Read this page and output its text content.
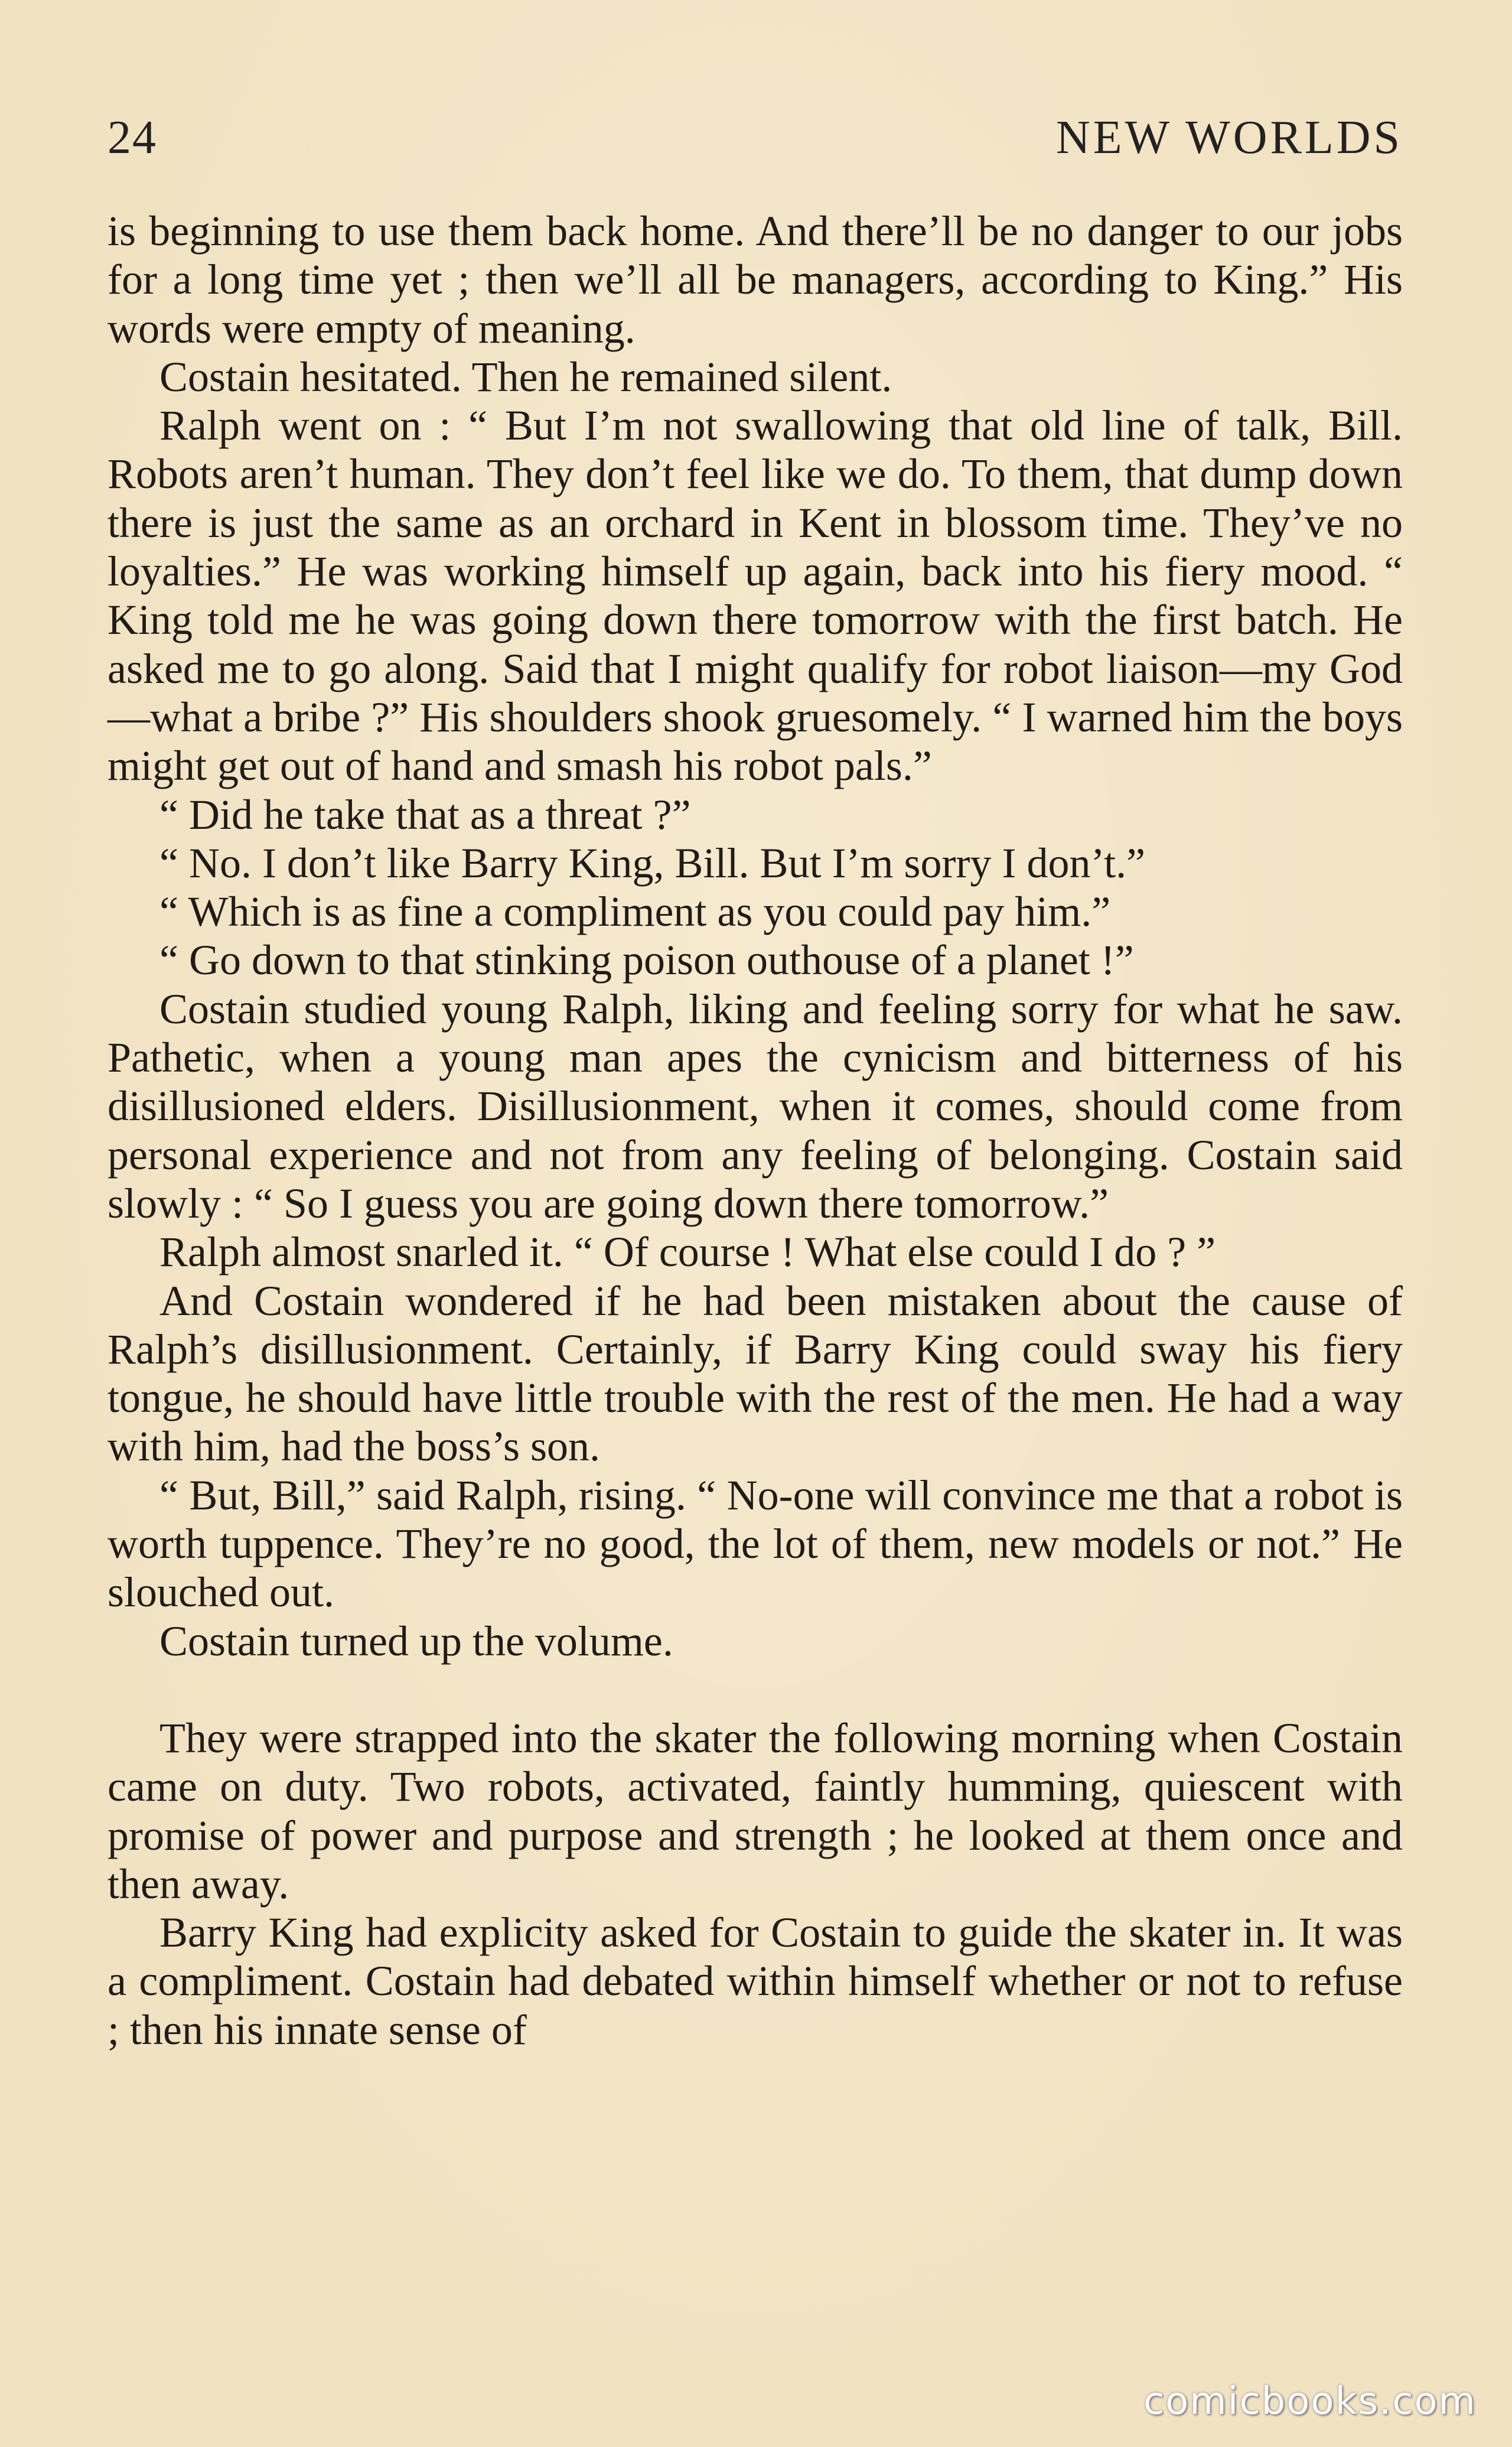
24	NEW WORLDS

is beginning to use them back home. And there’ll be no danger to our jobs for a long time yet ; then we’ll all be managers, according to King.” His words were empty of meaning.

Costain hesitated. Then he remained silent.

Ralph went on : “ But I’m not swallowing that old line of talk, Bill. Robots aren’t human. They don’t feel like we do. To them, that dump down there is just the same as an orchard in Kent in blossom time. They’ve no loyalties.” He was working himself up again, back into his fiery mood. “ King told me he was going down there tomorrow with the first batch. He asked me to go along. Said that I might qualify for robot liaison—my God—what a bribe ?” His shoulders shook gruesomely. “ I warned him the boys might get out of hand and smash his robot pals.”

“ Did he take that as a threat ?”

“ No. I don’t like Barry King, Bill. But I’m sorry I don’t.”

“ Which is as fine a compliment as you could pay him.”

“ Go down to that stinking poison outhouse of a planet !”

Costain studied young Ralph, liking and feeling sorry for what he saw. Pathetic, when a young man apes the cynicism and bitterness of his disillusioned elders. Disillusionment, when it comes, should come from personal experience and not from any feeling of belonging. Costain said slowly : “ So I guess you are going down there tomorrow.”

Ralph almost snarled it. “ Of course ! What else could I do ? ”

And Costain wondered if he had been mistaken about the cause of Ralph’s disillusionment. Certainly, if Barry King could sway his fiery tongue, he should have little trouble with the rest of the men. He had a way with him, had the boss’s son.

“ But, Bill,” said Ralph, rising. “ No-one will convince me that a robot is worth tuppence. They’re no good, the lot of them, new models or not.” He slouched out.

Costain turned up the volume.

They were strapped into the skater the following morning when Costain came on duty. Two robots, activated, faintly humming, quiescent with promise of power and purpose and strength ; he looked at them once and then away.

Barry King had explicity asked for Costain to guide the skater in. It was a compliment. Costain had debated within himself whether or not to refuse ; then his innate sense of

comicbooks.com
